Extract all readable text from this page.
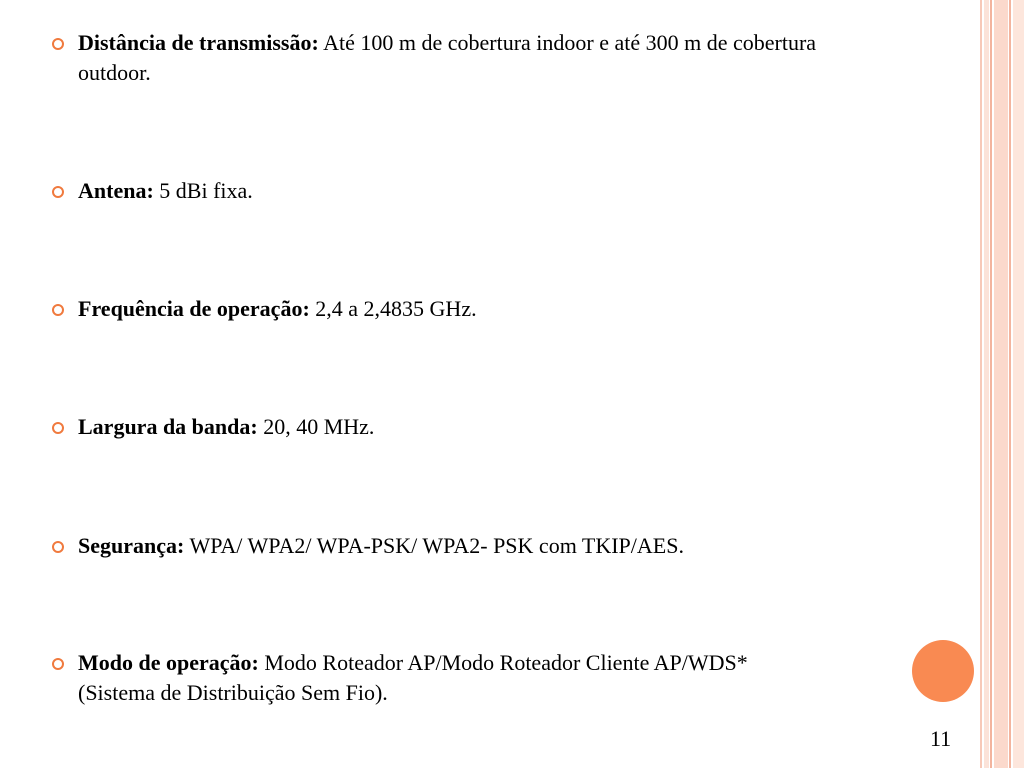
Distância de transmissão: Até 100 m de cobertura indoor e até 300 m de cobertura outdoor.
Antena: 5 dBi fixa.
Frequência de operação: 2,4 a 2,4835 GHz.
Largura da banda: 20, 40 MHz.
Segurança: WPA/ WPA2/ WPA-PSK/ WPA2- PSK com TKIP/AES.
Modo de operação: Modo Roteador AP/Modo Roteador Cliente AP/WDS*(Sistema de Distribuição Sem Fio).
11
